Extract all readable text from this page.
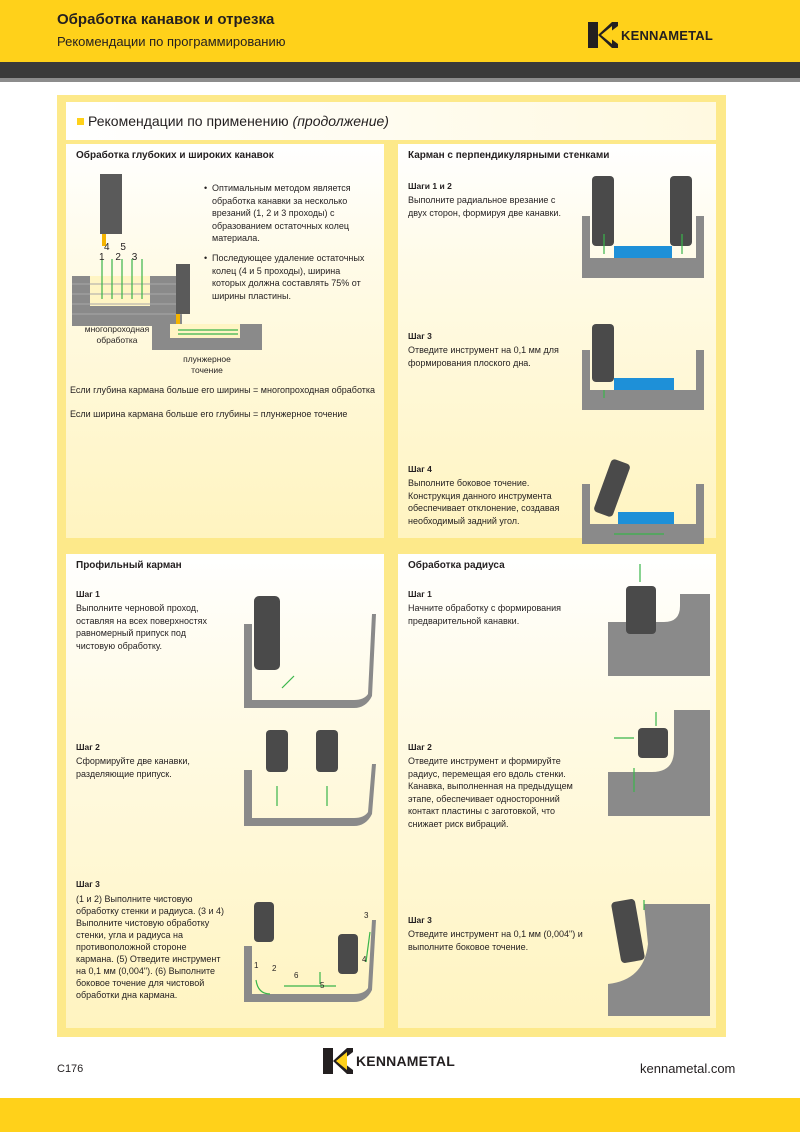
Обработка канавок и отрезка
Рекомендации по программированию	KENNAMETAL
Рекомендации по применению (продолжение)
Обработка глубоких и широких канавок
4 5
1 2 3
• Оптимальным методом является обработка канавки за несколько врезаний (1, 2 и 3 проходы) с образованием остаточных колец материала.
• Последующее удаление остаточных колец (4 и 5 проходы), ширина которых должна составлять 75% от ширины пластины.
многопроходная
обработка
плунжерное
точение
Если глубина кармана больше его ширины = многопроходная обработка
Если ширина кармана больше его глубины = плунжерное точение
Карман с перпендикулярными стенками
Шаги 1 и 2
Выполните радиальное врезание с двух сторон, формируя две канавки.
Шаг 3
Отведите инструмент на 0,1 мм для формирования плоского дна.
Шаг 4
Выполните боковое точение. Конструкция данного инструмента обеспечивает отклонение, создавая необходимый задний угол.
Профильный карман
Шаг 1
Выполните черновой проход, оставляя на всех поверхностях равномерный припуск под чистовую обработку.
Шаг 2
Сформируйте две канавки, разделяющие припуск.
Шаг 3
(1 и 2) Выполните чистовую обработку стенки и радиуса. (3 и 4) Выполните чистовую обработку стенки, угла и радиуса на противоположной стороне кармана. (5) Отведите инструмент на 0,1 мм (0,004"). (6) Выполните боковое точение для чистовой обработки дна кармана.
1 2
3
4
5
6
Обработка радиуса
Шаг 1
Начните обработку с формирования предварительной канавки.
Шаг 2
Отведите инструмент и формируйте радиус, перемещая его вдоль стенки. Канавка, выполненная на предыдущем этапе, обеспечивает односторонний контакт пластины с заготовкой, что снижает риск вибраций.
Шаг 3
Отведите инструмент на 0,1 мм (0,004") и выполните боковое точение.
C176	KENNAMETAL	kennametal.com
